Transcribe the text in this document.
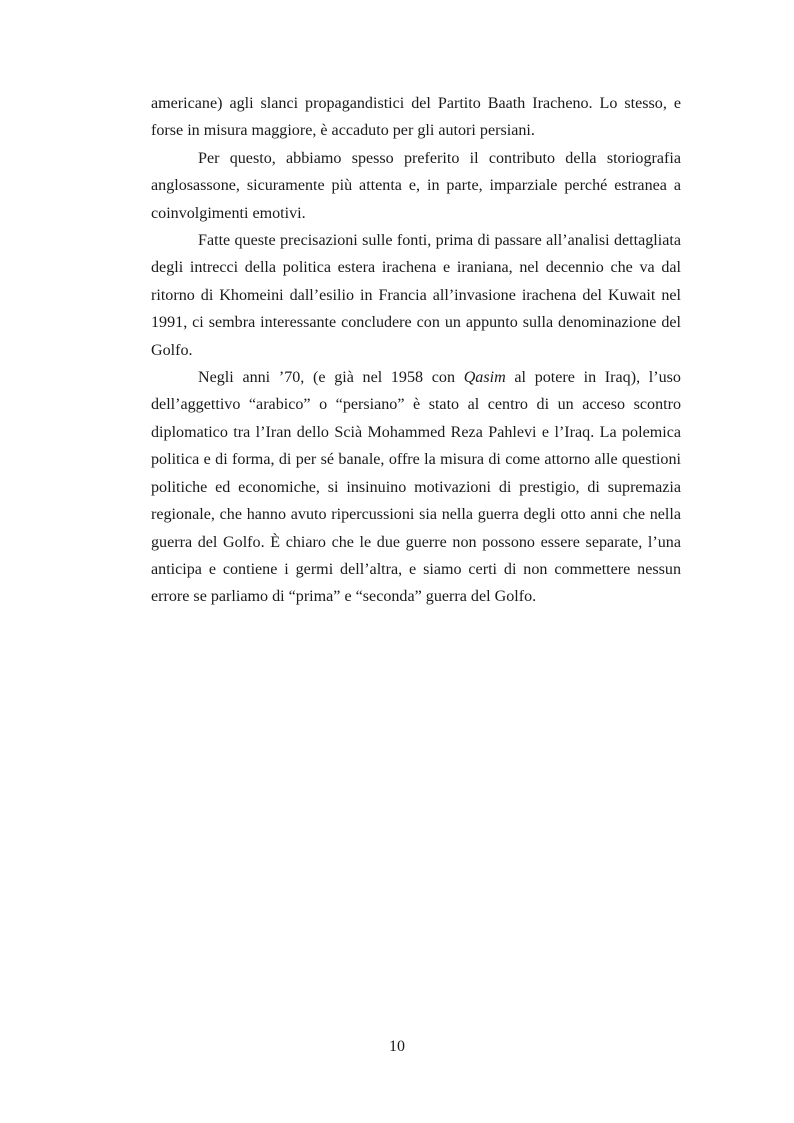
americane) agli slanci propagandistici del Partito Baath Iracheno. Lo stesso, e forse in misura maggiore, è accaduto per gli autori persiani.

Per questo, abbiamo spesso preferito il contributo della storiografia anglosassone, sicuramente più attenta e, in parte, imparziale perché estranea a coinvolgimenti emotivi.

Fatte queste precisazioni sulle fonti, prima di passare all’analisi dettagliata degli intrecci della politica estera irachena e iraniana, nel decennio che va dal ritorno di Khomeini dall’esilio in Francia all’invasione irachena del Kuwait nel 1991, ci sembra interessante concludere con un appunto sulla denominazione del Golfo.

Negli anni ’70, (e già nel 1958 con Qasim al potere in Iraq), l’uso dell’aggettivo “arabico” o “persiano” è stato al centro di un acceso scontro diplomatico tra l’Iran dello Scià Mohammed Reza Pahlevi e l’Iraq. La polemica politica e di forma, di per sé banale, offre la misura di come attorno alle questioni politiche ed economiche, si insinuino motivazioni di prestigio, di supremazia regionale, che hanno avuto ripercussioni sia nella guerra degli otto anni che nella guerra del Golfo. È chiaro che le due guerre non possono essere separate, l’una anticipa e contiene i germi dell’altra, e siamo certi di non commettere nessun errore se parliamo di “prima” e “seconda” guerra del Golfo.

10
